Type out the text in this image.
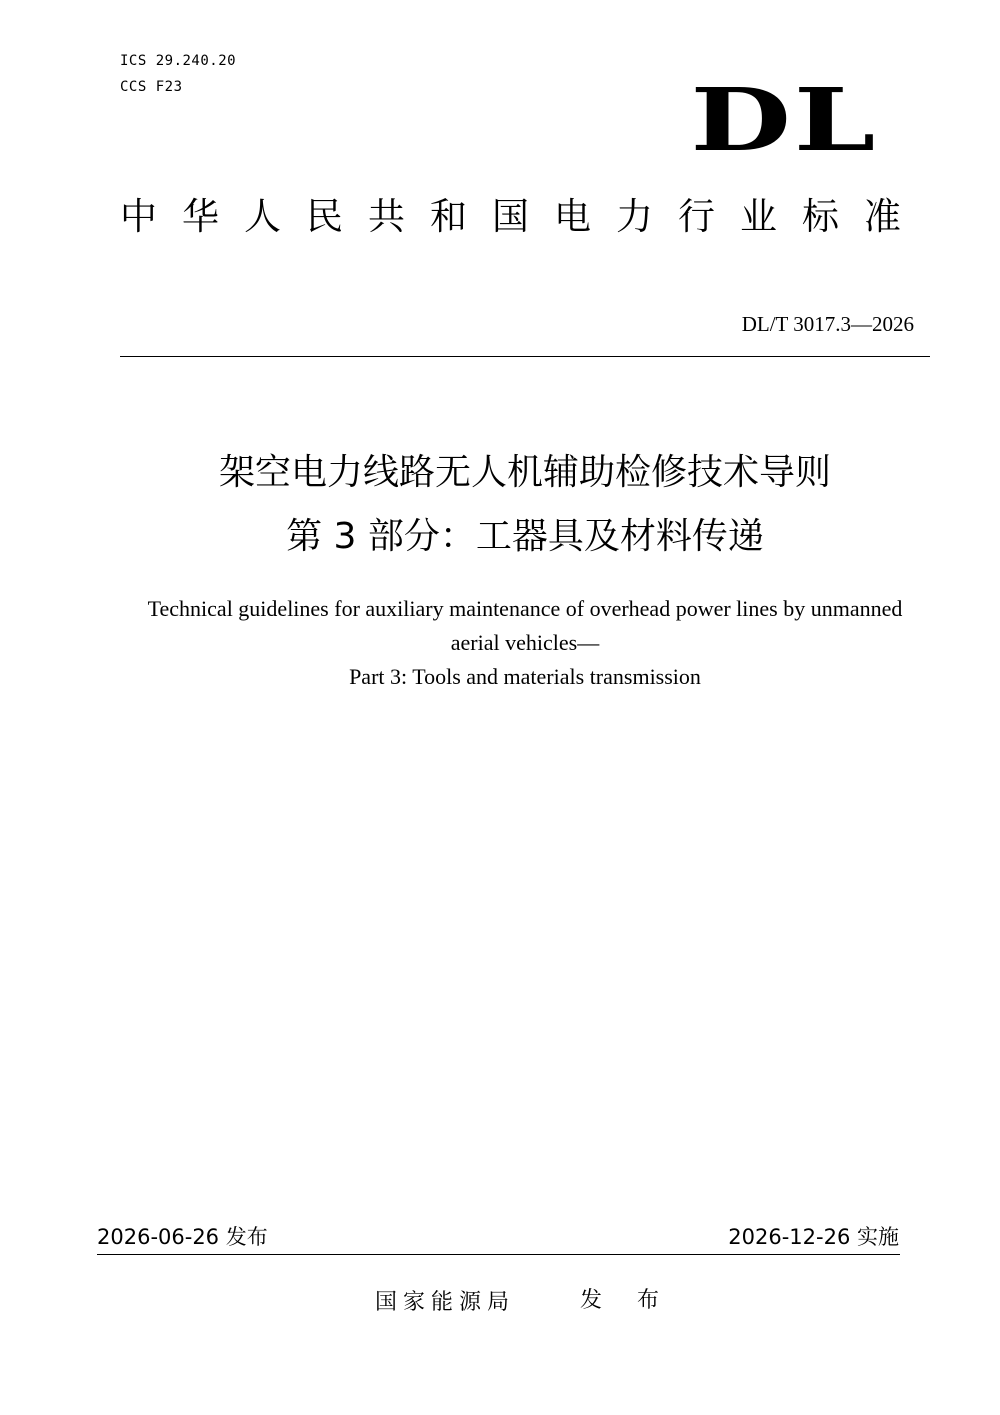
ICS 29.240.20
CCS F23	DL
中华人民共和国电力行业标准
DL/T 3017.3—2026
架空电力线路无人机辅助检修技术导则
第 3 部分：工器具及材料传递
Technical guidelines for auxiliary maintenance of overhead power lines by unmanned
aerial vehicles—
Part 3: Tools and materials transmission
2026-06-26 发布	2026-12-26 实施
国家能源局	发 布
